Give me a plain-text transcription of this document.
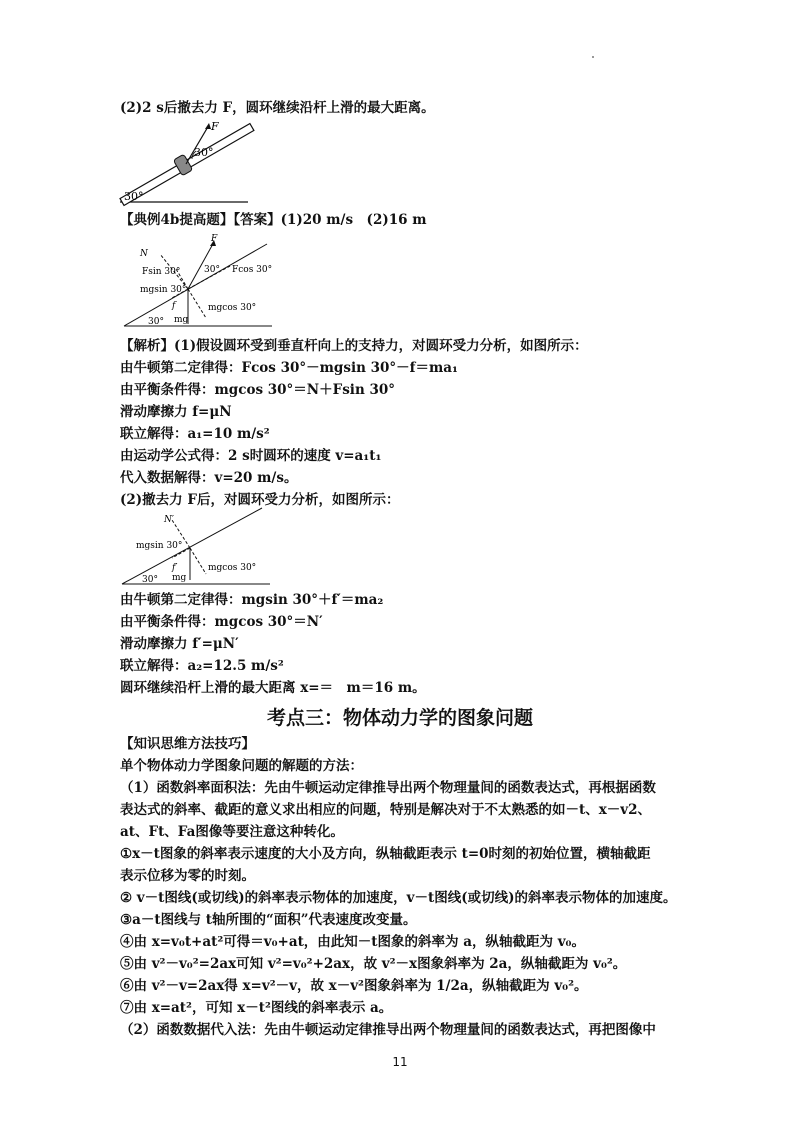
(2)2 s后撤去力 F，圆环继续沿杆上滑的最大距离。
F
30°
30°
【典例4b提高题】【答案】(1)20 m/s　(2)16 m
F
N
Fsin 30°	30° Fcos 30°
mgsin 30°
f	mgcos 30°
mg
30°
【解析】(1)假设圆环受到垂直杆向上的支持力，对圆环受力分析，如图所示：
由牛顿第二定律得：Fcos 30°－mgsin 30°－f＝ma₁
由平衡条件得：mgcos 30°＝N＋Fsin 30°
滑动摩擦力 f=μN
联立解得：a₁=10 m/s²
由运动学公式得：2 s时圆环的速度 v=a₁t₁
代入数据解得：v=20 m/s。
(2)撤去力 F后，对圆环受力分析，如图所示：
N′
mgsin 30°
f′	mgcos 30°
mg
30°
由牛顿第二定律得：mgsin 30°＋f′＝ma₂
由平衡条件得：mgcos 30°＝N′
滑动摩擦力 f′=μN′
联立解得：a₂=12.5 m/s²
圆环继续沿杆上滑的最大距离 x=＝　m＝16 m。
考点三：物体动力学的图象问题
【知识思维方法技巧】
单个物体动力学图象问题的解题的方法：
（1）函数斜率面积法：先由牛顿运动定律推导出两个物理量间的函数表达式，再根据函数
表达式的斜率、截距的意义求出相应的问题，特别是解决对于不太熟悉的如－t、x－v2、
at、Ft、Fa图像等要注意这种转化。
①x－t图象的斜率表示速度的大小及方向，纵轴截距表示 t=0时刻的初始位置，横轴截距
表示位移为零的时刻。
② v－t图线(或切线)的斜率表示物体的加速度，v－t图线(或切线)的斜率表示物体的加速度。
③a－t图线与 t轴所围的“面积”代表速度改变量。
④由 x=v₀t+at²可得＝v₀+at，由此知－t图象的斜率为 a，纵轴截距为 v₀。
⑤由 v²－v₀²=2ax可知 v²=v₀²+2ax，故 v²－x图象斜率为 2a，纵轴截距为 v₀²。
⑥由 v²－v=2ax得 x=v²－v，故 x－v²图象斜率为 1/2a，纵轴截距为 v₀²。
⑦由 x=at²，可知 x－t²图线的斜率表示 a。
（2）函数数据代入法：先由牛顿运动定律推导出两个物理量间的函数表达式，再把图像中
11
